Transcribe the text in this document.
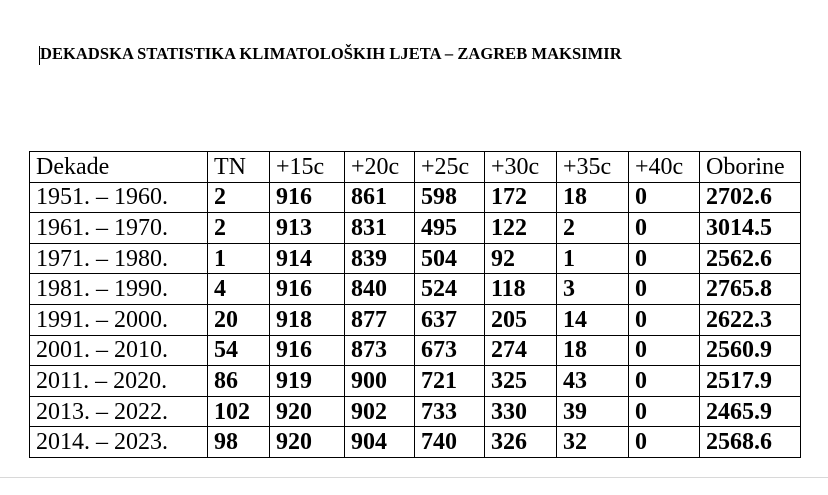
DEKADSKA STATISTIKA KLIMATOLOŠKIH LJETA – ZAGREB MAKSIMIR
Dekade	TN	+15c	+20c	+25c	+30c	+35c	+40c	Oborine
1951. – 1960.	2	916	861	598	172	18	0	2702.6
1961. – 1970.	2	913	831	495	122	2	0	3014.5
1971. – 1980.	1	914	839	504	92	1	0	2562.6
1981. – 1990.	4	916	840	524	118	3	0	2765.8
1991. – 2000.	20	918	877	637	205	14	0	2622.3
2001. – 2010.	54	916	873	673	274	18	0	2560.9
2011. – 2020.	86	919	900	721	325	43	0	2517.9
2013. – 2022.	102	920	902	733	330	39	0	2465.9
2014. – 2023.	98	920	904	740	326	32	0	2568.6
